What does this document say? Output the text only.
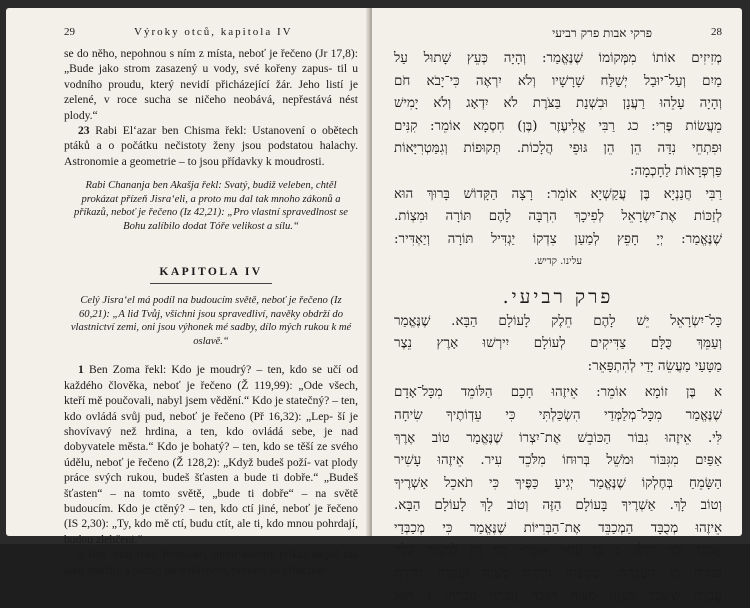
29	Výroky otců, kapitola IV

se do něho, nepohnou s ním z místa, neboť je řečeno (Jr 17,8): „Bude jako strom zasazený u vody, své kořeny zapus- til u vodního proudu, který nevidí přicházející žár. Jeho listí je zelené, v roce sucha se ničeho neobává, nepřestává nést plody.“

23 Rabi El‘azar ben Chisma řekl: Ustanovení o obětech ptáků a o počátku nečistoty ženy jsou podstatou halachy. Astronomie a geometrie – to jsou přídavky k moudrosti.

Rabi Chananja ben Akašja řekl: Svatý, budiž veleben, chtěl prokázat přízeň Jisra‘eli, a proto mu dal tak mnoho zákonů a příkazů, neboť je řečeno (Iz 42,21): „Pro vlastní spravedlnost se Bohu zalíbilo dodat Tóře velikost a sílu.“
KAPITOLA IV
Celý Jisra‘el má podíl na budoucím světě, neboť je řečeno (Iz 60,21): „A lid Tvůj, všichni jsou spravedliví, navěky obdrží do vlastnictví zemi, oni jsou výhonek mé sadby, dílo mých rukou k mé oslavě.“

1 Ben Zoma řekl: Kdo je moudrý? – ten, kdo se učí od každého člověka, neboť je řečeno (Ž 119,99): „Ode všech, kteří mě poučovali, nabyl jsem vědění.“ Kdo je statečný? – ten, kdo ovládá svůj pud, neboť je řečeno (Př 16,32): „Lep- ší je shovívavý než hrdina, a ten, kdo ovládá sebe, je nad dobyvatele města.“ Kdo je bohatý? – ten, kdo se těší ze svého údělu, neboť je řečeno (Ž 128,2): „Když budeš poží- vat plody práce svých rukou, budeš šťasten a bude ti dobře.“ „Budeš šťasten“ – na tomto světě, „bude ti dobře“ – na světě budoucím. Kdo je ctěný? – ten, kdo ctí jiné, neboť je řečeno (IS 2,30): „Ty, kdo mě ctí, budu ctít, ale ti, kdo mnou pohrdají, budou zlehčeni.“

2 Ben Azaj řekl: Pospíchej splnit snadný příkaz stejně tak jako obtížný a prchej před hříchem, protože za příkazem

פרקי אבות פרק רביעי	28
מְזִיזִים אוֹתוֹ מִמְּקוֹמוֹ שֶׁנֶּאֱמַר: וְהָיָה כְּעֵץ שָׁתוּל עַל
מַיִם וְעַל־יוּבַל יְשַׁלַּח שָׁרָשָׁיו וְלֹא יִרְאֶה כִּי־יָבֹא חֹם
וְהָיָה עָלֵהוּ רַעֲנָן וּבִשְׁנַת בַּצֹּרֶת לֹא יִדְאָג וְלֹא יָמִישׁ
מֵעֲשׂוֹת פֶּרִי: כג רַבִּי אֱלִיעֶזֶר (בֶּן) חִסְמָא אוֹמֵר: קִנִּים
וּפִתְחֵי נִדָּה הֵן הֵן גּוּפֵי הֲלָכוֹת. תְּקוּפוֹת וְגִמַּטְרִיָּאוֹת
פַּרְפְּרָאוֹת לַחָכְמָה:
רַבִּי חֲנַנְיָא בֶּן עֲקַשְׁיָא אוֹמֵר: רָצָה הַקָּדוֹשׁ בָּרוּךְ הוּא
לְזַכּוֹת אֶת־יִשְׂרָאֵל לְפִיכָךְ הִרְבָּה לָהֶם תּוֹרָה וּמִצְוֹת.
שֶׁנֶּאֱמַר: יְיָ חָפֵץ לְמַעַן צִדְקוֹ יַגְדִּיל תּוֹרָה וְיַאְדִּיר:
עלינו. קדיש.
פרק רביעי.
כָּל־יִשְׂרָאֵל יֵשׁ לָהֶם חֵלֶק לָעוֹלָם הַבָּא. שֶׁנֶּאֱמַר
וְעַמֵּךְ כֻּלָּם צַדִּיקִים לְעוֹלָם יִירְשׁוּ אָרֶץ נֵצֶר
מַטָּעַי מַעֲשֵׂה יָדַי לְהִתְפָּאֵר:
א בֶּן זוֹמָא אוֹמֵר: אֵיזֶהוּ חָכָם הַלּוֹמֵד מִכָּל־אָדָם
שֶׁנֶּאֱמַר מִכָּל־מְלַמְּדַי הִשְׂכַּלְתִּי כִּי עֵדְוֹתֶיךָ שִׂיחָה
לִּי. אֵיזֶהוּ גִבּוֹר הַכּוֹבֵשׁ אֶת־יִצְרוֹ שֶׁנֶּאֱמַר טוֹב אֶרֶךְ
אַפַּיִם מִגִּבּוֹר וּמֹשֵׁל בְּרוּחוֹ מִלֹּכֵד עִיר. אֵיזֶהוּ עָשִׁיר
הַשָּׂמֵחַ בְּחֶלְקוֹ שֶׁנֶּאֱמַר יְגִיעַ כַּפֶּיךָ כִּי תֹאכֵל אַשְׁרֶיךָ
וְטוֹב לָךְ. אַשְׁרֶיךָ בָּעוֹלָם הַזֶּה וְטוֹב לָךְ לָעוֹלָם הַבָּא.
אֵיזֶהוּ מְכֻבָּד הַמְכַבֵּד אֶת־הַבְּרִיּוֹת שֶׁנֶּאֱמַר כִּי מְכַבְּדַי
אֲכַבֵּד וּבֹזַי יֵקָלּוּ: ב בֶּן עַזַּאי אוֹמֵר: הֱוֵי רָץ לְמִצְוָה קַלָּה
וּבוֹרֵחַ מִן הָעֲבֵרָה. שֶׁמִּצְוָה גוֹרֶרֶת מִצְוָה וַעֲבֵרָה גוֹרֶרֶת
עֲבֵרָה שֶׁשְּׂכַר מִצְוָה מִצְוָה וּשְׂכַר עֲבֵרָה עֲבֵרָה: ג הוּא
